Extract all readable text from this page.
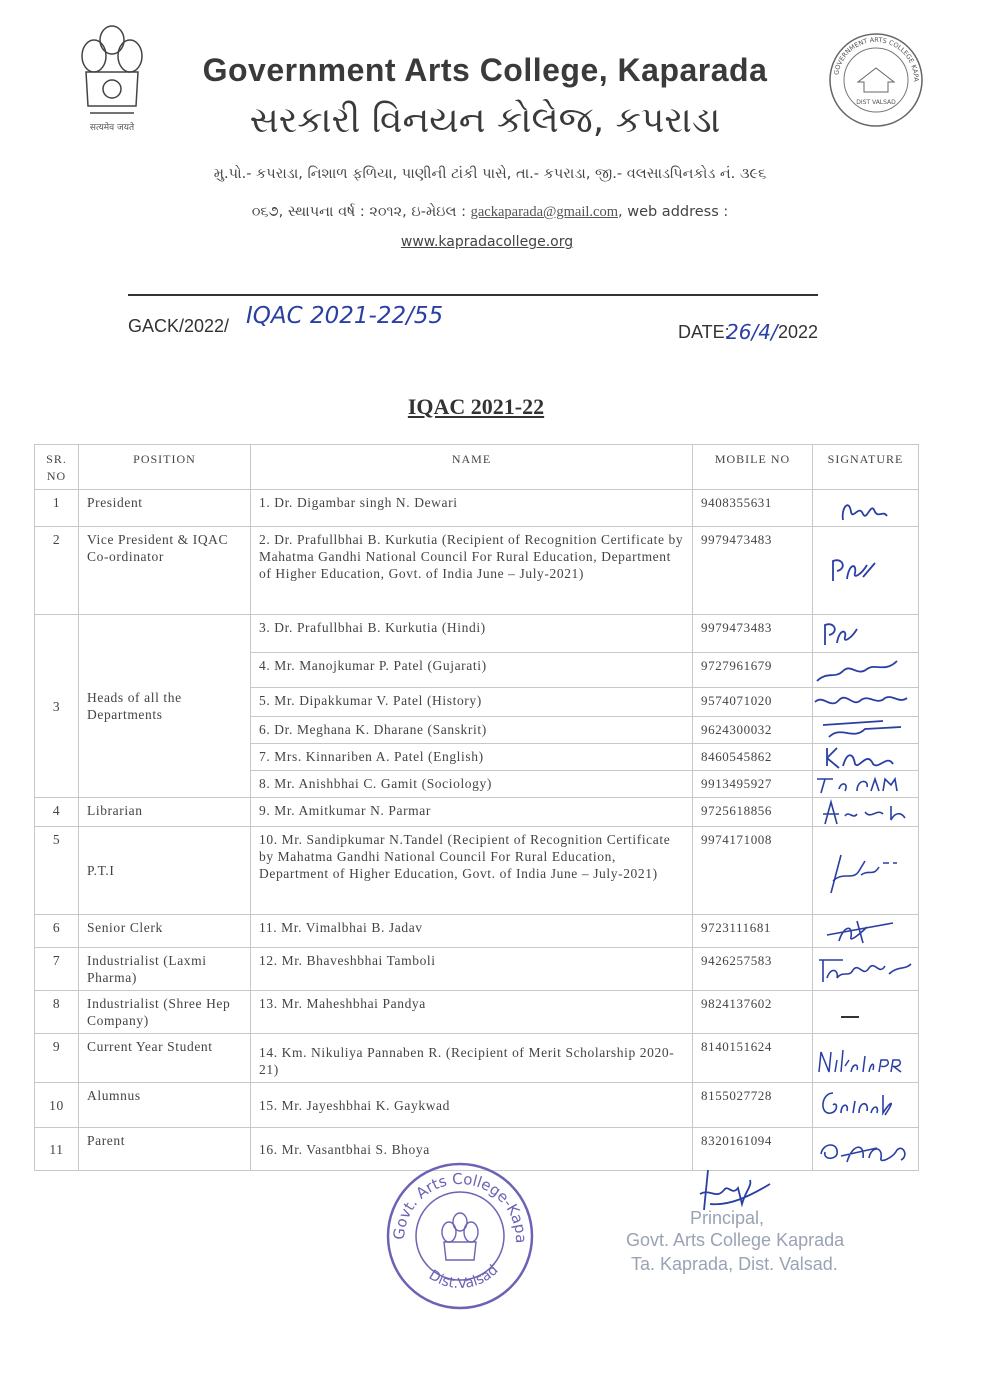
सत्यमेव जयते
Government Arts College, Kaparada
સરકારી વિનયન કોલેજ, કપરાડા
GOVERNMENT ARTS COLLEGE KAPA
DIST VALSAD
મુ.પો.- કપરાડા, નિશાળ ફળિયા, પાણીની ટાંકી પાસે, તા.- કપરાડા, જી.- વલસાડપિનકોડ નં. ૩૯૬
૦૬૭, સ્થાપના વર્ષ : ૨૦૧૨, ઇ-મેઇલ : gackaparada@gmail.com, web address :
www.kapradacollege.org
GACK/2022/ IQAC 2021-22/55
DATE:
26/4/ 2022
IQAC 2021-22
SR. NO	POSITION	NAME	MOBILE NO	SIGNATURE
1	President	1. Dr. Digambar singh N. Dewari	9408355631	

2	Vice President & IQAC Co-ordinator	2. Dr. Prafullbhai B. Kurkutia (Recipient of Recognition Certificate by Mahatma Gandhi National Council For Rural Education, Department of Higher Education, Govt. of India June – July-2021)	9979473483	

3	Heads of all the Departments	3. Dr. Prafullbhai B. Kurkutia (Hindi)	9979473483	

		4. Mr. Manojkumar P. Patel (Gujarati)	9727961679	

		5. Mr. Dipakkumar V. Patel (History)	9574071020	

		6. Dr. Meghana K. Dharane (Sanskrit)	9624300032	

		7. Mrs. Kinnariben A. Patel (English)	8460545862	

		8. Mr. Anishbhai C. Gamit (Sociology)	9913495927	

4	Librarian	9. Mr. Amitkumar N. Parmar	9725618856	

5	P.T.I	10. Mr. Sandipkumar N.Tandel (Recipient of Recognition Certificate by Mahatma Gandhi National Council For Rural Education, Department of Higher Education, Govt. of India June – July-2021)	9974171008	

6	Senior Clerk	11. Mr. Vimalbhai B. Jadav	9723111681	

7	Industrialist (Laxmi Pharma)	12. Mr. Bhaveshbhai Tamboli	9426257583	

8	Industrialist (Shree Hep Company)	13. Mr. Maheshbhai Pandya	9824137602	

9	Current Year Student	14. Km. Nikuliya Pannaben R. (Recipient of Merit Scholarship 2020-21)	8140151624	

10	Alumnus	15. Mr. Jayeshbhai K. Gaykwad	8155027728	

11	Parent	16. Mr. Vasantbhai S. Bhoya	8320161094	
Govt. Arts College-Kapa
Dist.Valsad
Principal,
Govt. Arts College Kaprada
Ta. Kaprada, Dist. Valsad.
